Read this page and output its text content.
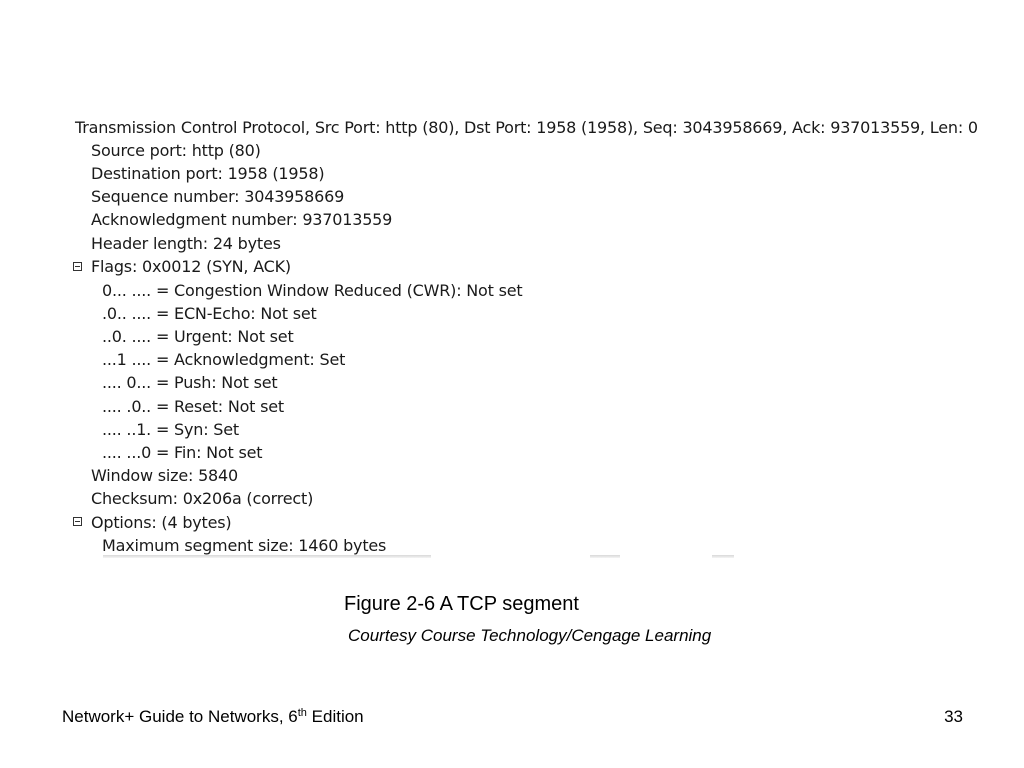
Transmission Control Protocol, Src Port: http (80), Dst Port: 1958 (1958), Seq: 3043958669, Ack: 937013559, Len: 0
Source port: http (80)
Destination port: 1958 (1958)
Sequence number: 3043958669
Acknowledgment number: 937013559
Header length: 24 bytes
Flags: 0x0012 (SYN, ACK)
0... .... = Congestion Window Reduced (CWR): Not set
.0.. .... = ECN-Echo: Not set
..0. .... = Urgent: Not set
...1 .... = Acknowledgment: Set
.... 0... = Push: Not set
.... .0.. = Reset: Not set
.... ..1. = Syn: Set
.... ...0 = Fin: Not set
Window size: 5840
Checksum: 0x206a (correct)
Options: (4 bytes)
Maximum segment size: 1460 bytes
Figure 2-6 A TCP segment
Courtesy Course Technology/Cengage Learning
Network+ Guide to Networks, 6th Edition	33
